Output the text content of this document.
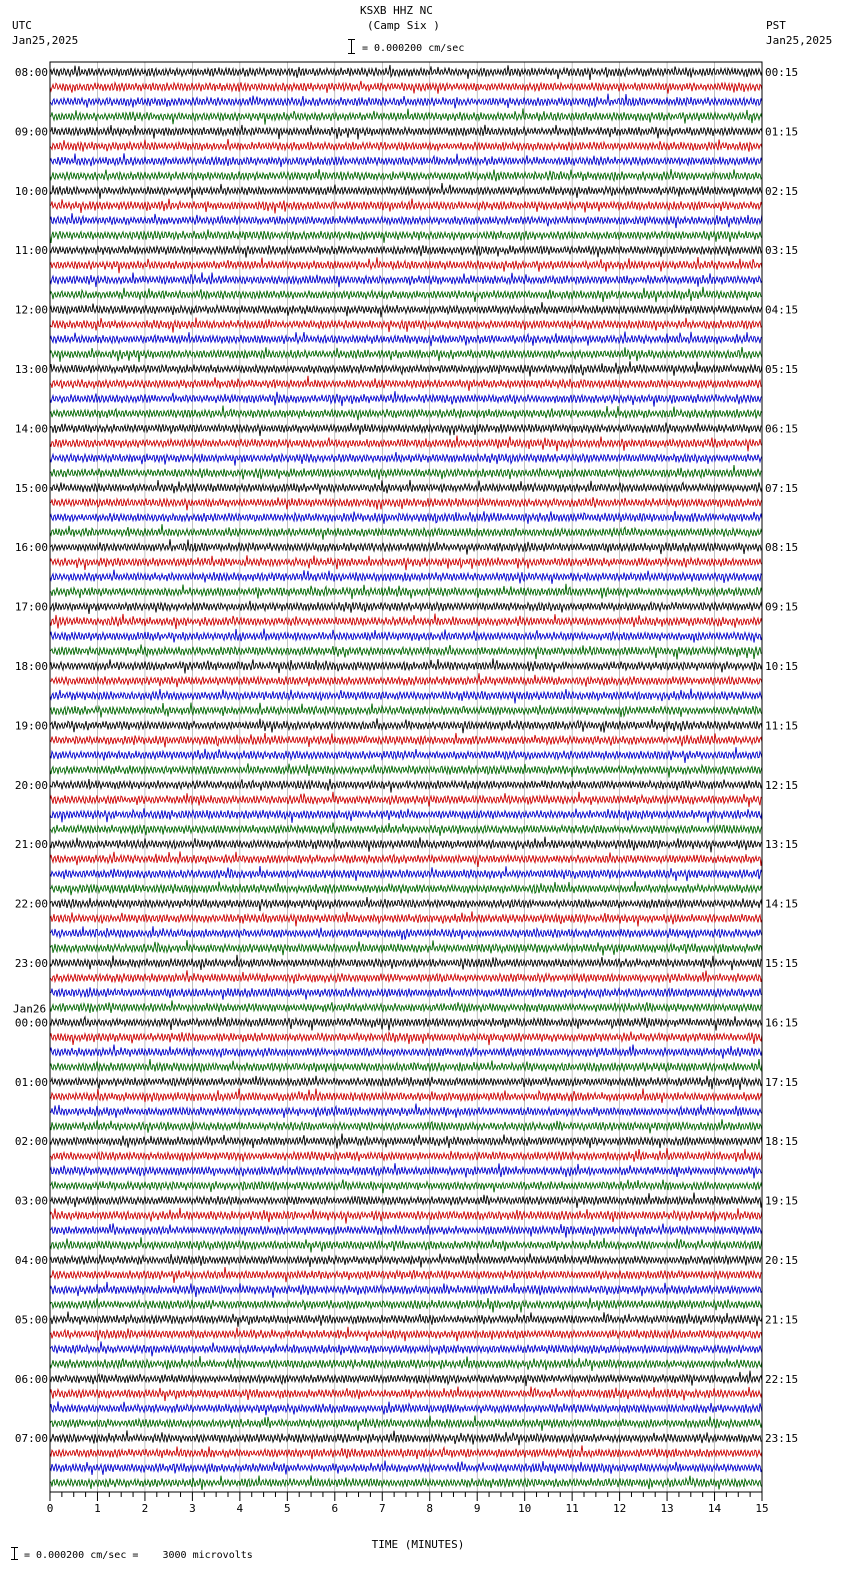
KSXB HHZ NC
(Camp Six )
= 0.000200 cm/sec
UTC
Jan25,2025
PST
Jan25,2025
0	1	2	3	4	5	6	7	8	9	10	11	12	13	14	15
08:00
09:00
10:00
11:00
12:00
13:00
14:00
15:00
16:00
17:00
18:00
19:00
20:00
21:00
22:00
23:00
00:00
01:00
02:00
03:00
04:00
05:00
06:00
07:00
Jan26
00:15
01:15
02:15
03:15
04:15
05:15
06:15
07:15
08:15
09:15
10:15
11:15
12:15
13:15
14:15
15:15
16:15
17:15
18:15
19:15
20:15
21:15
22:15
23:15
TIME (MINUTES)
= 0.000200 cm/sec =    3000 microvolts
